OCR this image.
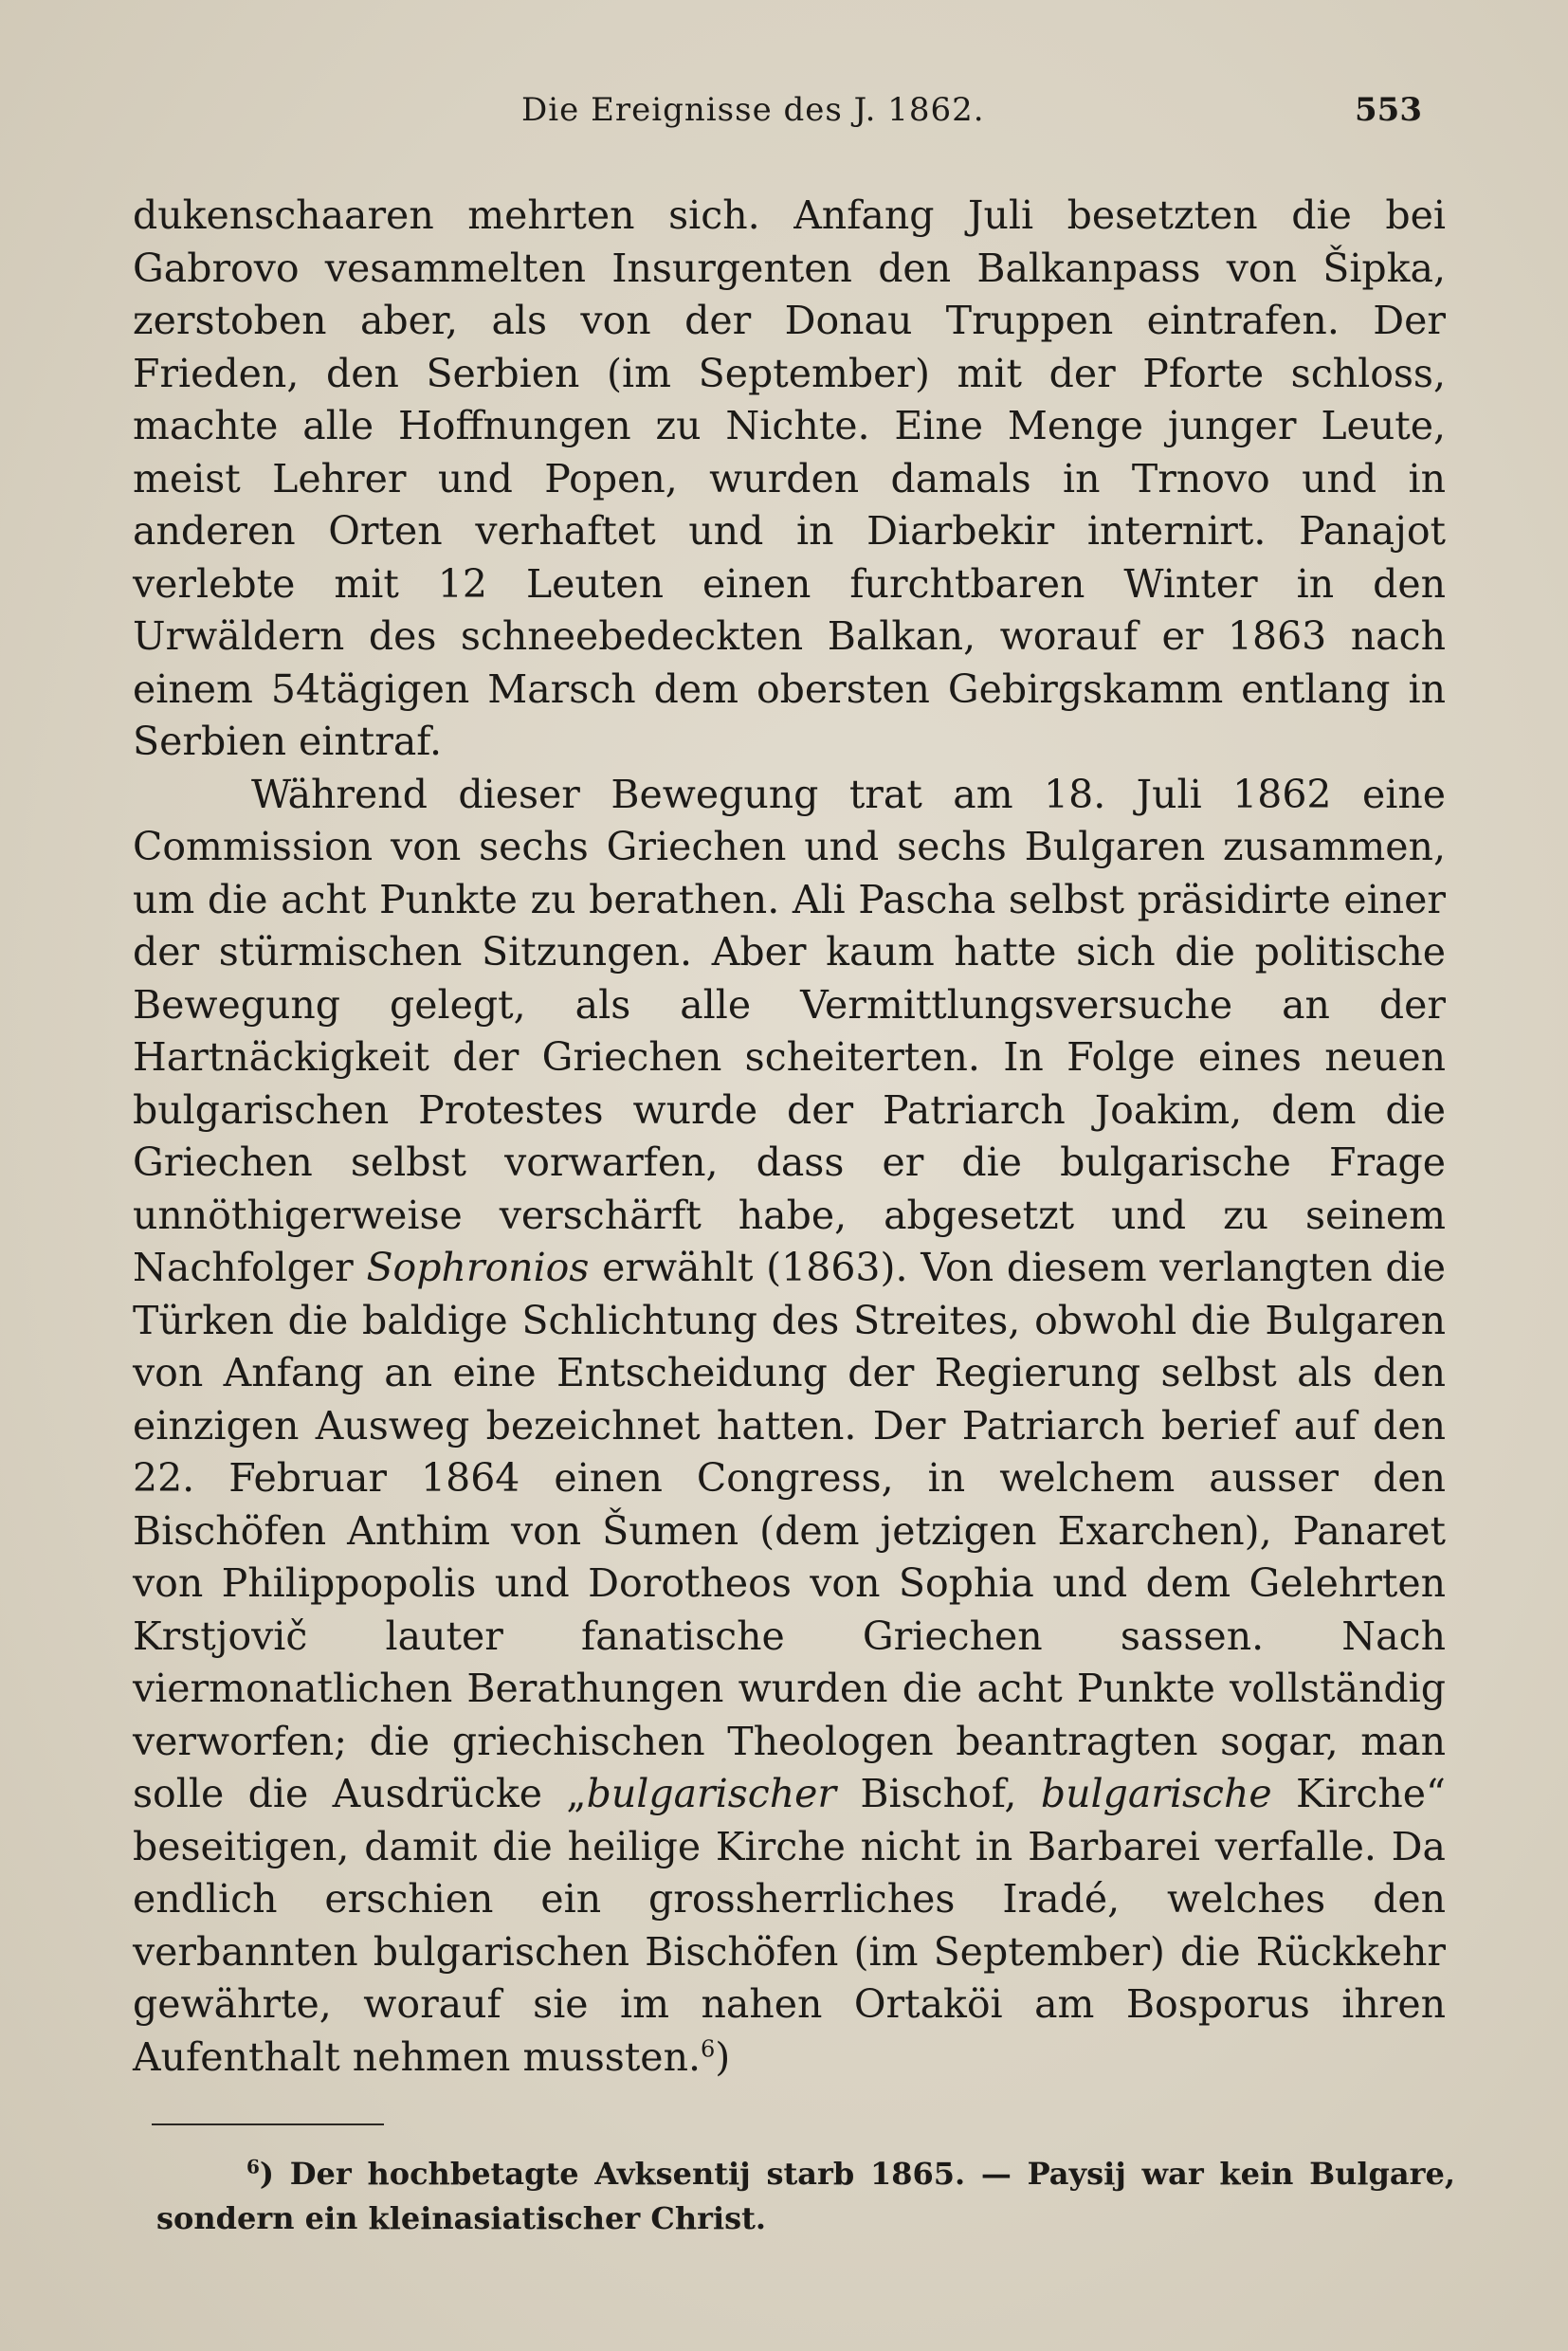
Die Ereignisse des J. 1862.	553

dukenschaaren mehrten sich. Anfang Juli besetzten die bei Gabrovo vesammelten Insurgenten den Balkanpass von Šipka, zerstoben aber, als von der Donau Truppen eintrafen. Der Frieden, den Serbien (im September) mit der Pforte schloss, machte alle Hoffnungen zu Nichte. Eine Menge junger Leute, meist Lehrer und Popen, wurden damals in Trnovo und in anderen Orten verhaftet und in Diarbekir internirt. Panajot verlebte mit 12 Leuten einen furchtbaren Winter in den Urwäldern des schneebedeckten Balkan, worauf er 1863 nach einem 54tägigen Marsch dem obersten Gebirgskamm entlang in Serbien eintraf.

Während dieser Bewegung trat am 18. Juli 1862 eine Commission von sechs Griechen und sechs Bulgaren zusammen, um die acht Punkte zu berathen. Ali Pascha selbst präsidirte einer der stürmischen Sitzungen. Aber kaum hatte sich die politische Bewegung gelegt, als alle Vermittlungsversuche an der Hartnäckigkeit der Griechen scheiterten. In Folge eines neuen bulgarischen Protestes wurde der Patriarch Joakim, dem die Griechen selbst vorwarfen, dass er die bulgarische Frage unnöthigerweise verschärft habe, abgesetzt und zu seinem Nachfolger Sophronios erwählt (1863). Von diesem verlangten die Türken die baldige Schlichtung des Streites, obwohl die Bulgaren von Anfang an eine Entscheidung der Regierung selbst als den einzigen Ausweg bezeichnet hatten. Der Patriarch berief auf den 22. Februar 1864 einen Congress, in welchem ausser den Bischöfen Anthim von Šumen (dem jetzigen Exarchen), Panaret von Philippopolis und Dorotheos von Sophia und dem Gelehrten Krstjovič lauter fanatische Griechen sassen. Nach viermonatlichen Berathungen wurden die acht Punkte vollständig verworfen; die griechischen Theologen beantragten sogar, man solle die Ausdrücke „bulgarischer Bischof, bulgarische Kirche“ beseitigen, damit die heilige Kirche nicht in Barbarei verfalle. Da endlich erschien ein grossherrliches Iradé, welches den verbannten bulgarischen Bischöfen (im September) die Rückkehr gewährte, worauf sie im nahen Ortaköi am Bosporus ihren Aufenthalt nehmen mussten.$^6$)

$^6$) Der hochbetagte Avksentij starb 1865. — Paysij war kein Bulgare, sondern ein kleinasiatischer Christ.
